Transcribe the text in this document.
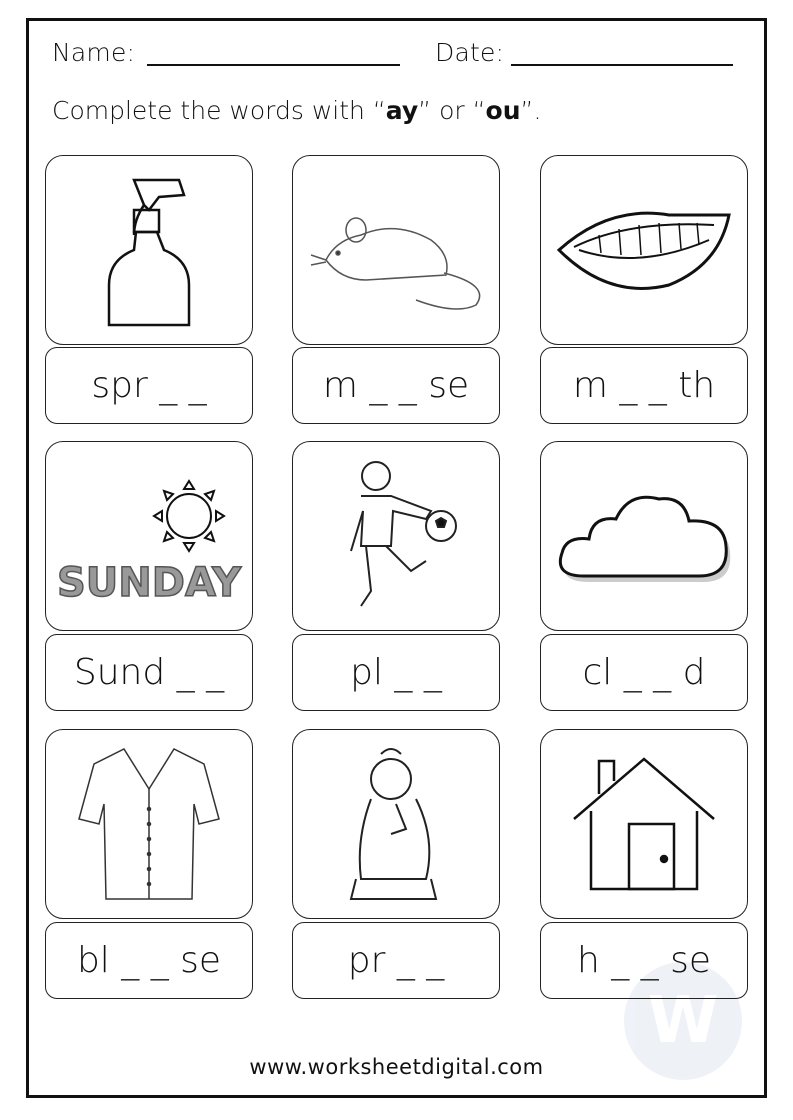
Name:	Date:
Complete the words with “ay” or “ou”.
W
spr _ _	m _ _ se	m _ _ th
SUNDAY
Sund _ _	pl _ _	cl _ _ d
bl _ _ se	pr _ _	h _ _ se
www.worksheetdigital.com
